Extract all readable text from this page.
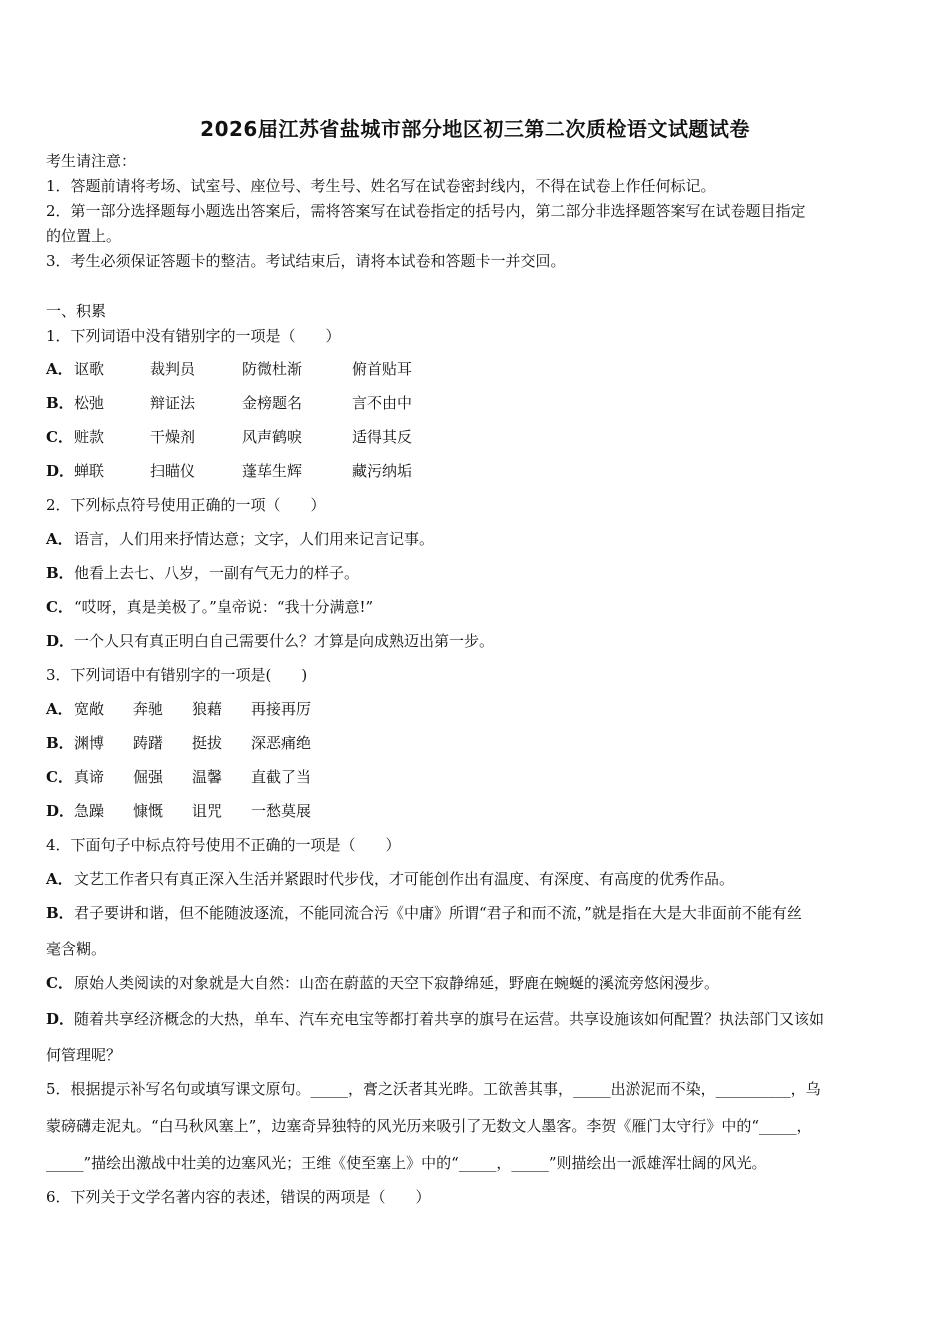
2026届江苏省盐城市部分地区初三第二次质检语文试题试卷
考生请注意：
1．答题前请将考场、试室号、座位号、考生号、姓名写在试卷密封线内，不得在试卷上作任何标记。
2．第一部分选择题每小题选出答案后，需将答案写在试卷指定的括号内，第二部分非选择题答案写在试卷题目指定
的位置上。
3．考生必须保证答题卡的整洁。考试结束后，请将本试卷和答题卡一并交回。
一、积累
1．下列词语中没有错别字的一项是（　　）
A．讴歌	裁判员	防微杜渐	俯首贴耳
B．松弛	辩证法	金榜题名	言不由中
C．赃款	干燥剂	风声鹤唳	适得其反
D．蝉联	扫瞄仪	蓬荜生辉	藏污纳垢
2．下列标点符号使用正确的一项（　　）
A．语言，人们用来抒情达意；文字，人们用来记言记事。
B．他看上去七、八岁，一副有气无力的样子。
C．“哎呀，真是美极了。”皇帝说：“我十分满意!”
D．一个人只有真正明白自己需要什么？才算是向成熟迈出第一步。
3．下列词语中有错别字的一项是(　　)
A．宽敞 奔驰 狼藉 再接再厉
B．渊博 踌躇 挺拔 深恶痛绝
C．真谛 倔强 温馨 直截了当
D．急躁 慷慨 诅咒 一愁莫展
4．下面句子中标点符号使用不正确的一项是（　　）
A．文艺工作者只有真正深入生活并紧跟时代步伐，才可能创作出有温度、有深度、有高度的优秀作品。
B．君子要讲和谐，但不能随波逐流，不能同流合污《中庸》所谓“君子和而不流，”就是指在大是大非面前不能有丝
毫含糊。
C．原始人类阅读的对象就是大自然：山峦在蔚蓝的天空下寂静绵延，野鹿在蜿蜒的溪流旁悠闲漫步。
D．随着共享经济概念的大热，单车、汽车充电宝等都打着共享的旗号在运营。共享设施该如何配置？执法部门又该如
何管理呢？
5．根据提示补写名句或填写课文原句。_____，膏之沃者其光晔。工欲善其事，_____出淤泥而不染，__________，乌
蒙磅礴走泥丸。“白马秋风塞上”，边塞奇异独特的风光历来吸引了无数文人墨客。李贺《雁门太守行》中的“_____，
_____”描绘出激战中壮美的边塞风光；王维《使至塞上》中的“_____，_____”则描绘出一派雄浑壮阔的风光。
6．下列关于文学名著内容的表述，错误的两项是（　　）
